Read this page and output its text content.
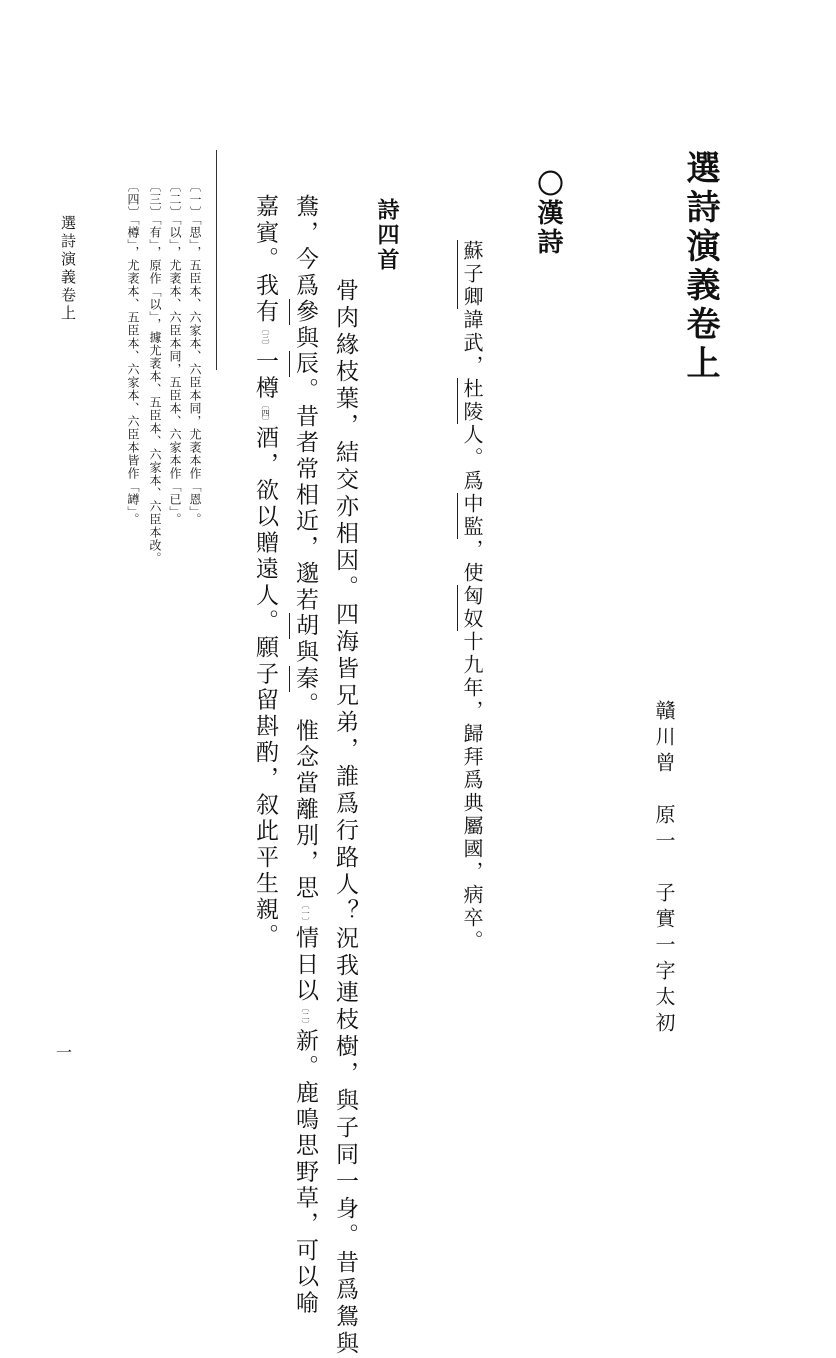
選詩演義卷上
贛川曾　原一　子實一字太初
〇漢詩
蘇子卿諱武，杜陵人。爲中監，使匈奴十九年，歸拜爲典屬國，病卒。
詩四首
骨肉緣枝葉，結交亦相因。四海皆兄弟，誰爲行路人？況我連枝樹，與子同一身。昔爲鴛與
鴦，今爲參與辰。昔者常相近，邈若胡與秦。惟念當離別，思〔一〕情日以〔二〕新。鹿鳴思野草，可以喻
嘉賓。我有〔三〕一樽〔四〕酒，欲以贈遠人。願子留斟酌，叙此平生親。
〔一〕「思」，五臣本、六家本、六臣本同，尤袤本作「恩」。
〔二〕「以」，尤袤本、六臣本同，五臣本、六家本作「已」。
〔三〕「有」，原作「以」，據尤袤本、五臣本、六家本、六臣本改。
〔四〕「樽」，尤袤本、五臣本、六家本、六臣本皆作「罇」。
選詩演義卷上
一
